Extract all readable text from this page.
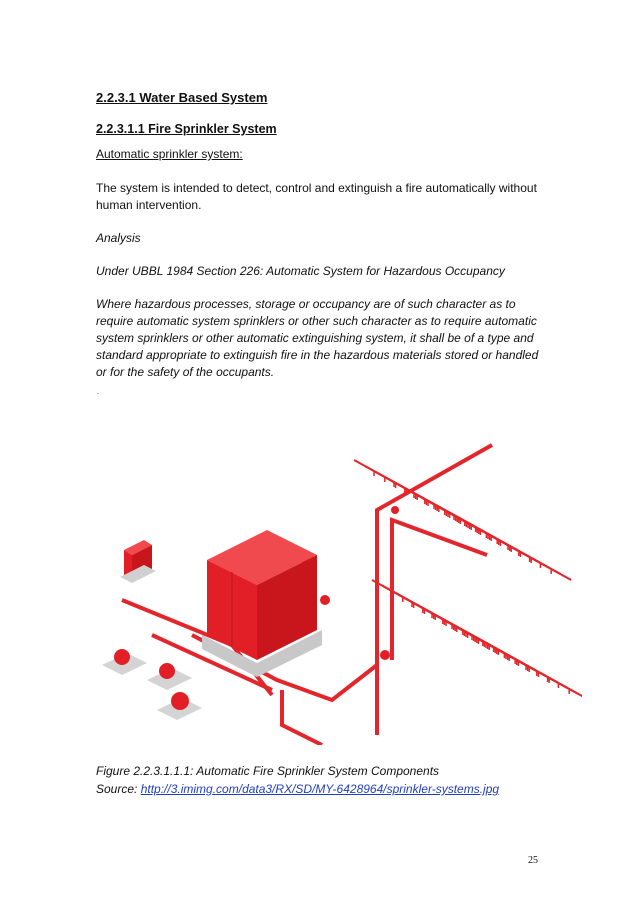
2.2.3.1 Water Based System
2.2.3.1.1 Fire Sprinkler System
Automatic sprinkler system:
The system is intended to detect, control and extinguish a fire automatically without human intervention.
Analysis
Under UBBL 1984 Section 226: Automatic System for Hazardous Occupancy
Where hazardous processes, storage or occupancy are of such character as to require automatic system sprinklers or other such character as to require automatic system sprinklers or other automatic extinguishing system, it shall be of a type and standard appropriate to extinguish fire in the hazardous materials stored or handled or for the safety of the occupants.
Figure 2.2.3.1.1.1: Automatic Fire Sprinkler System Components
Source: http://3.imimg.com/data3/RX/SD/MY-6428964/sprinkler-systems.jpg
25
